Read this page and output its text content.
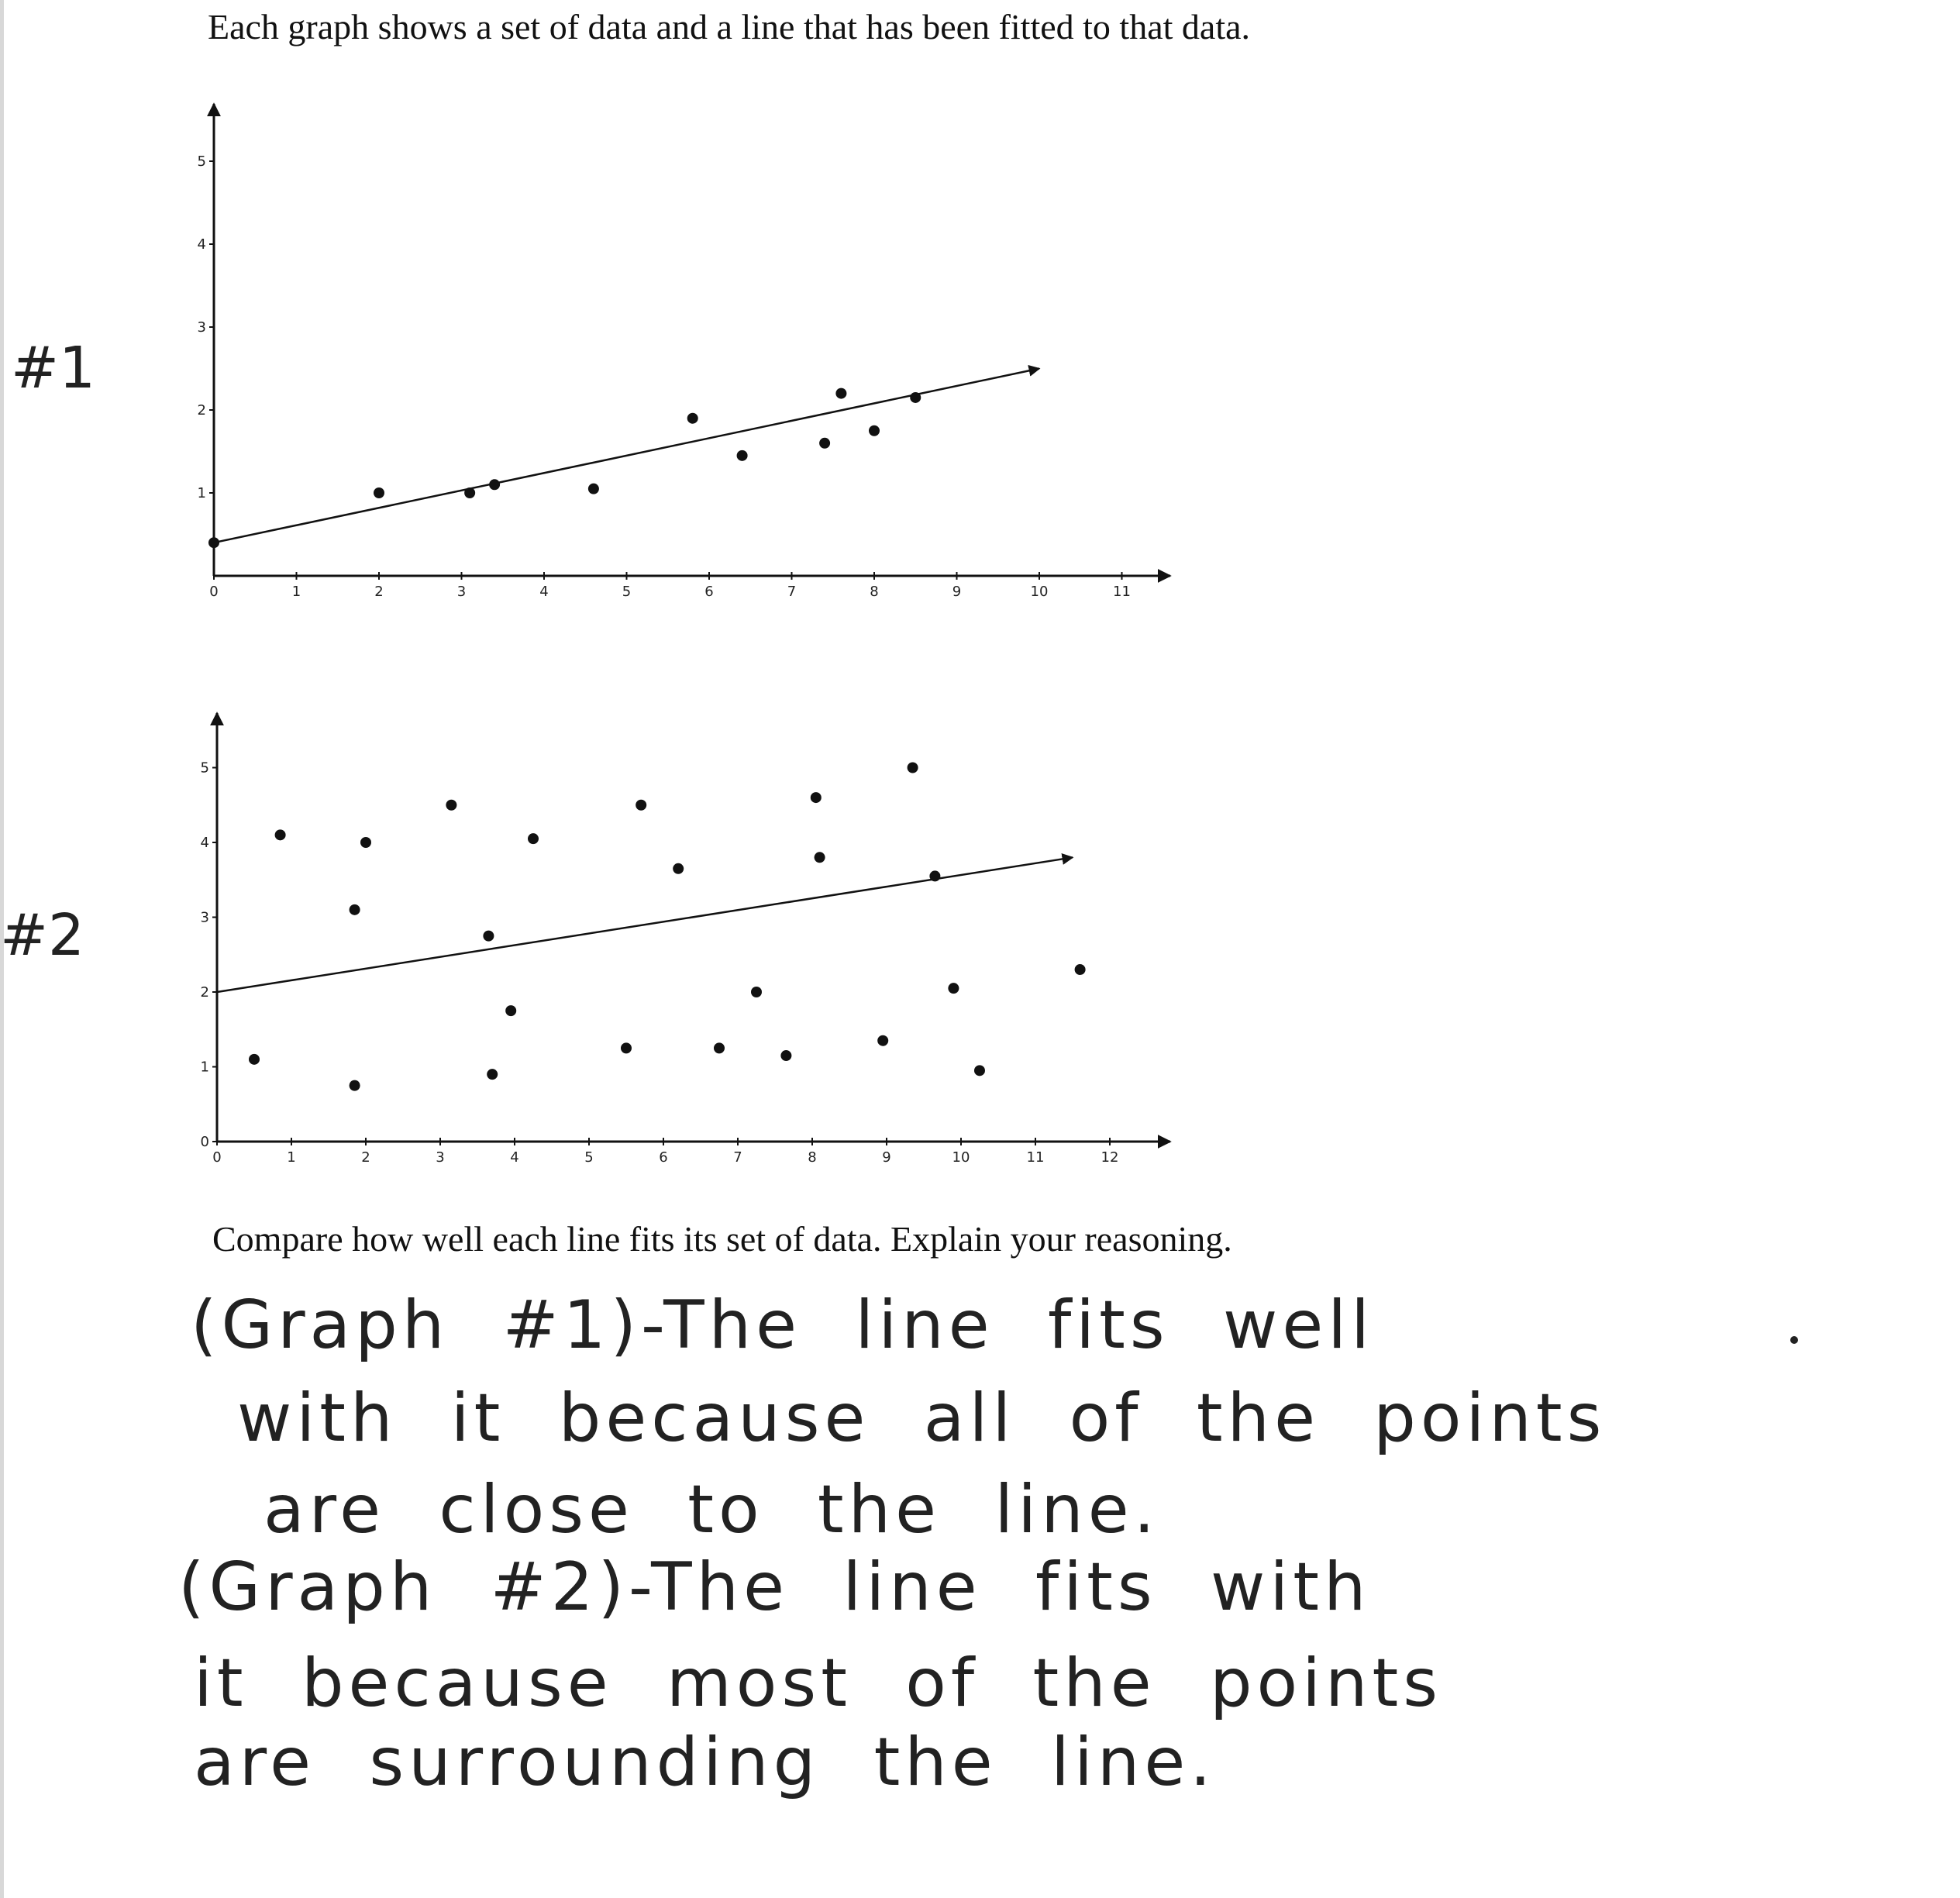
Each graph shows a set of data and a line that has been fitted to that data.

#1
0	1	2	3	4	5	6	7	8	9	10	11
1
2
3
4
5
#2
0	1	2	3	4	5	6	7	8	9	10	11	12
1
2
3
4
5
0

Compare how well each line fits its set of data. Explain your reasoning.

(Graph #1)-The line fits well

with it because all of the points

are close to the line.

(Graph #2)-The line fits with

it because most of the points

are surrounding the line.
